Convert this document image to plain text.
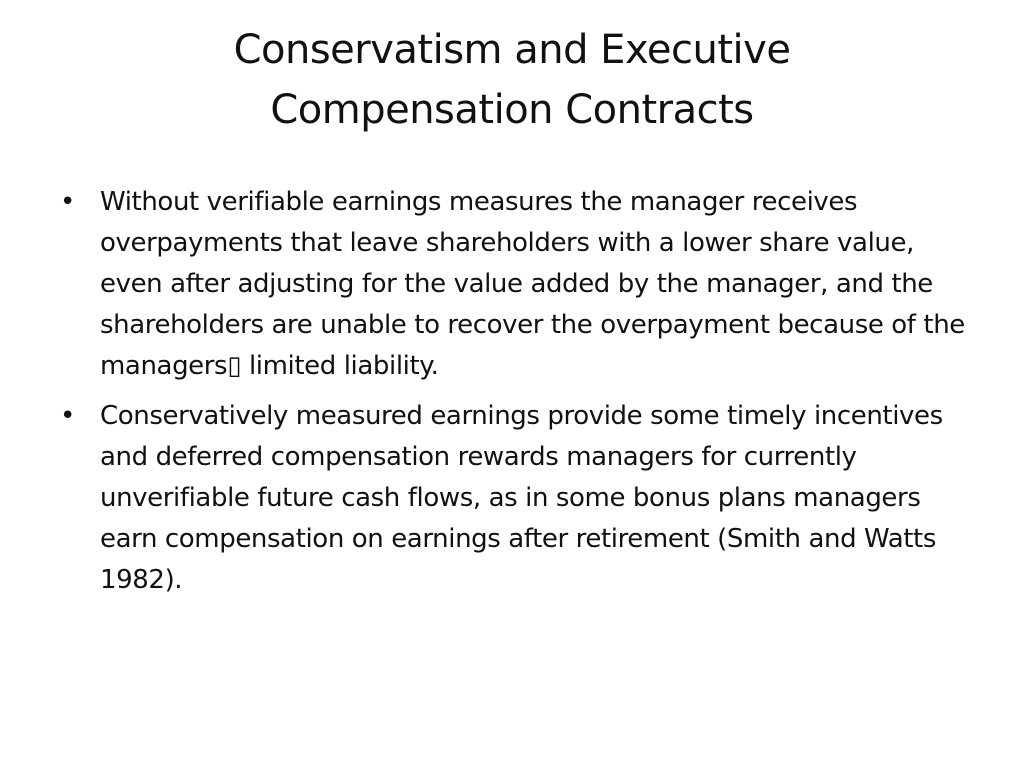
Conservatism and Executive
Compensation Contracts
• Without verifiable earnings measures the manager receives overpayments that leave shareholders with a lower share value, even after adjusting for the value added by the manager, and the shareholders are unable to recover the overpayment because of the managers▯ limited liability.
• Conservatively measured earnings provide some timely incentives and deferred compensation rewards managers for currently unverifiable future cash flows, as in some bonus plans managers earn compensation on earnings after retirement (Smith and Watts 1982).
